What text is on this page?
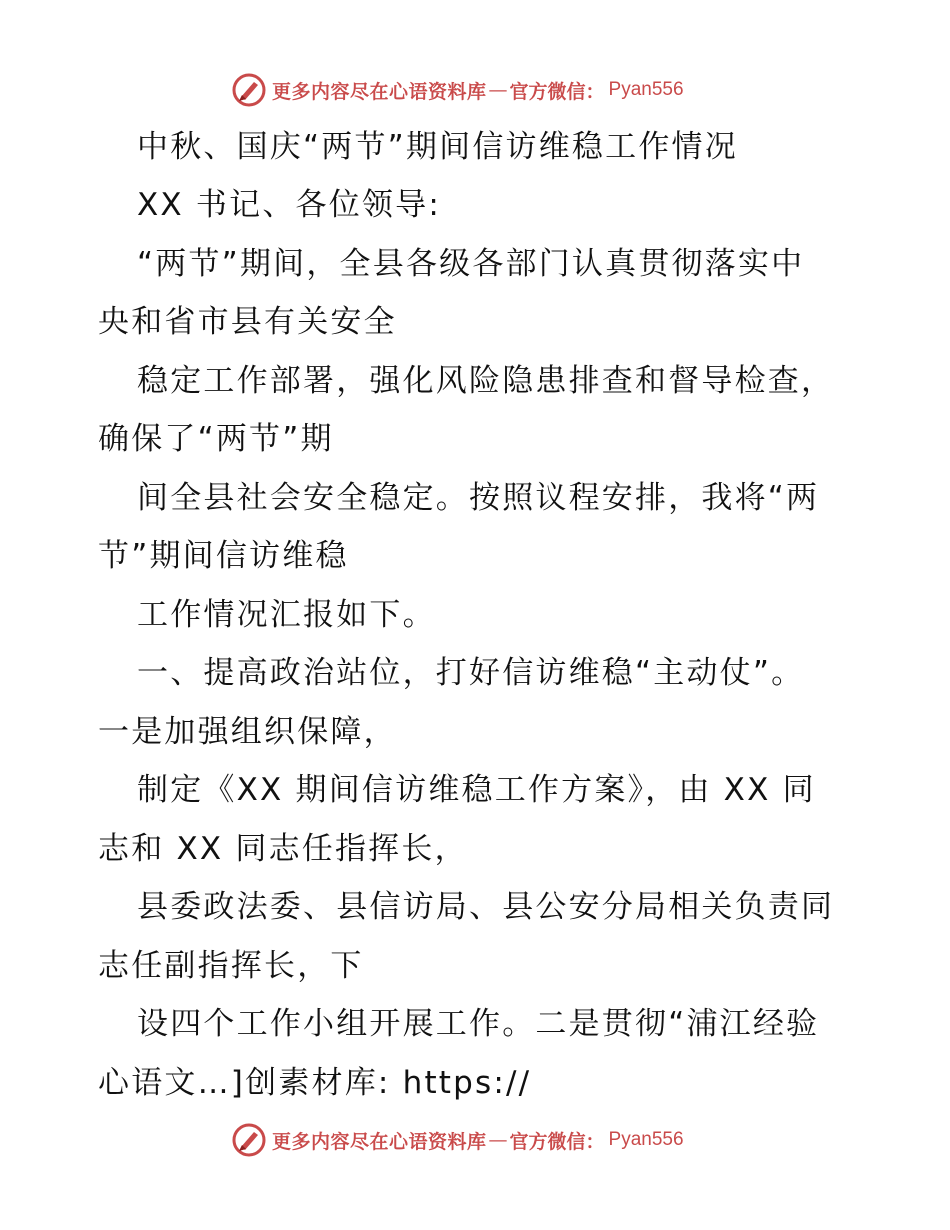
更多内容尽在心语资料库 — 官方微信： Pyan556
中秋、国庆“两节”期间信访维稳工作情况
XX 书记、各位领导:
“两节”期间，全县各级各部门认真贯彻落实中
央和省市县有关安全
稳定工作部署，强化风险隐患排查和督导检查，
确保了“两节”期
间全县社会安全稳定。按照议程安排，我将“两
节”期间信访维稳
工作情况汇报如下。
一、提高政治站位，打好信访维稳“主动仗”。
一是加强组织保障，
制定《XX 期间信访维稳工作方案》，由 XX 同
志和 XX 同志任指挥长，
县委政法委、县信访局、县公安分局相关负责同
志任副指挥长，下
设四个工作小组开展工作。二是贯彻“浦江经验
心语文…]创素材库: https://
更多内容尽在心语资料库 — 官方微信： Pyan556
